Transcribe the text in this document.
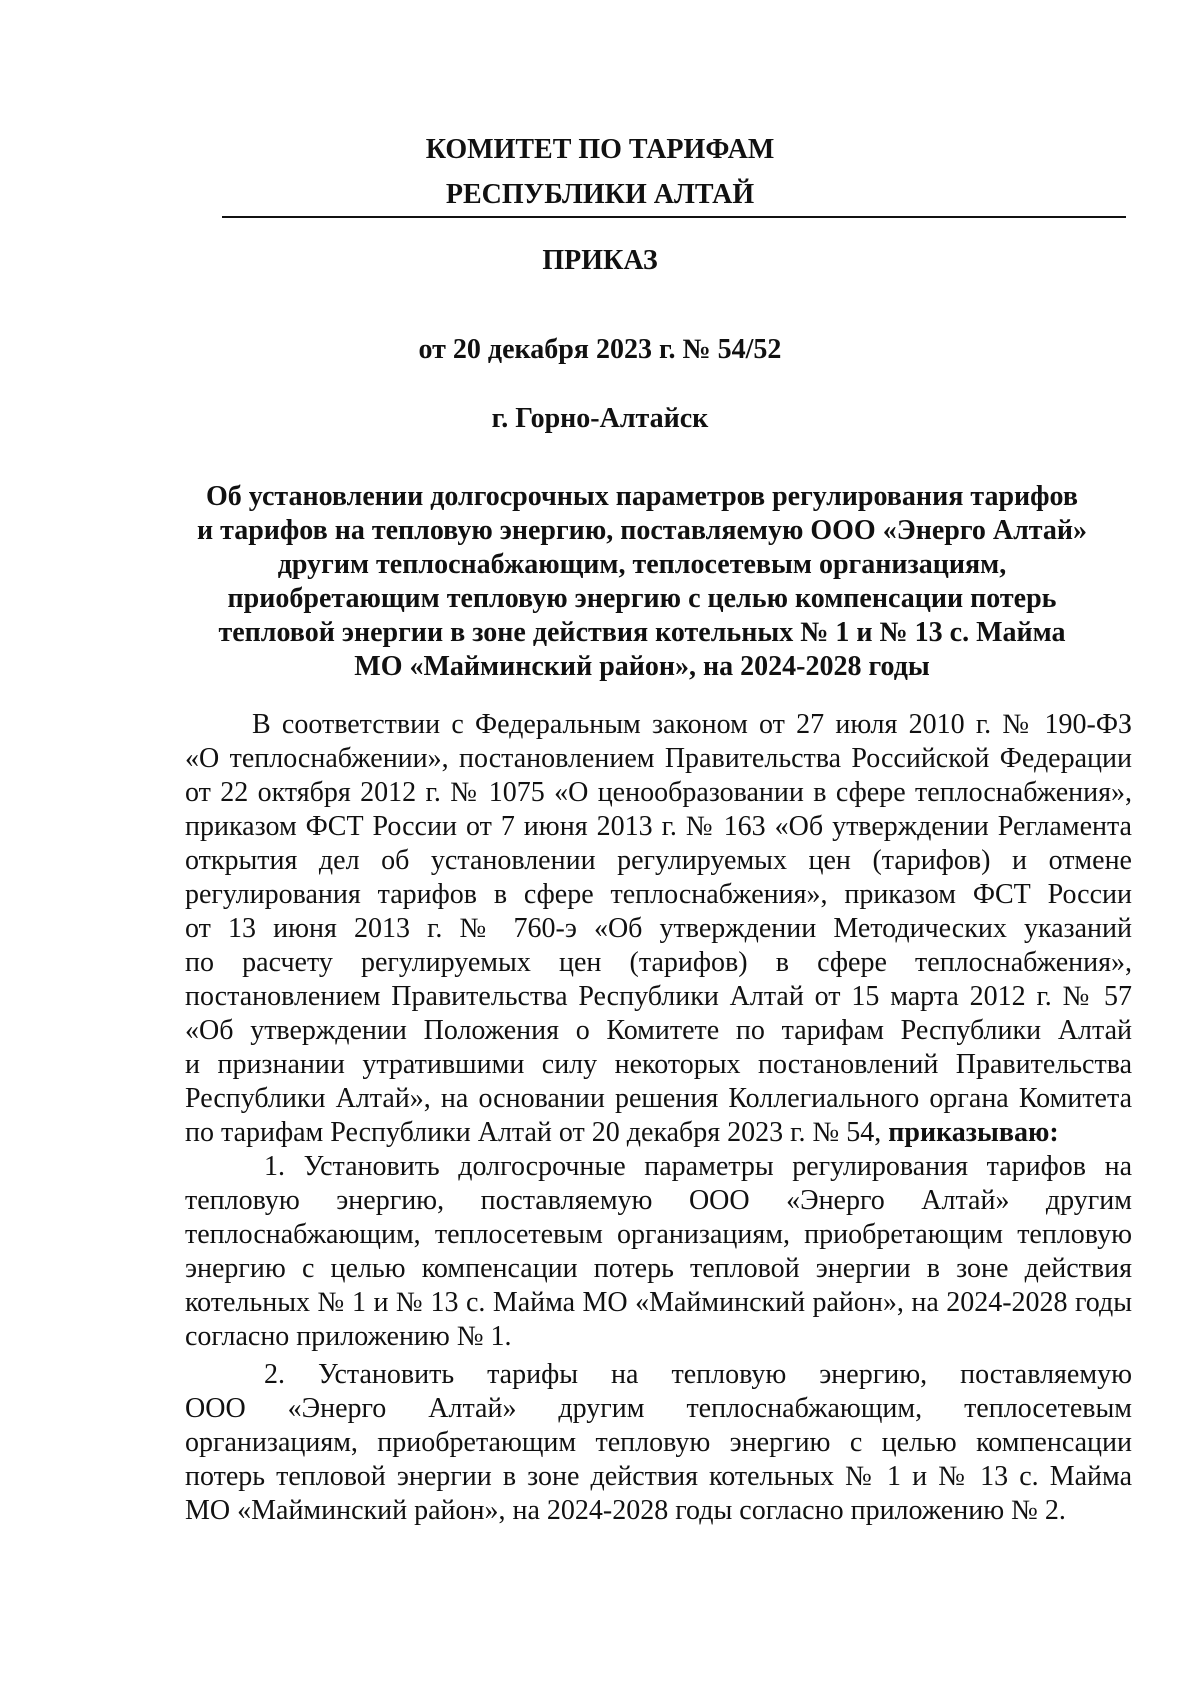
КОМИТЕТ ПО ТАРИФАМ
РЕСПУБЛИКИ АЛТАЙ
ПРИКАЗ
от 20 декабря 2023 г. № 54/52
г. Горно-Алтайск
Об установлении долгосрочных параметров регулирования тарифов
и тарифов на тепловую энергию, поставляемую ООО «Энерго Алтай»
другим теплоснабжающим, теплосетевым организациям,
приобретающим тепловую энергию с целью компенсации потерь
тепловой энергии в зоне действия котельных № 1 и № 13 с. Майма
МО «Майминский район», на 2024-2028 годы
В соответствии с Федеральным законом от 27 июля 2010 г. № 190-ФЗ
«О теплоснабжении», постановлением Правительства Российской Федерации
от 22 октября 2012 г. № 1075 «О ценообразовании в сфере теплоснабжения»,
приказом ФСТ России от 7 июня 2013 г. № 163 «Об утверждении Регламента
открытия дел об установлении регулируемых цен (тарифов) и отмене
регулирования тарифов в сфере теплоснабжения», приказом ФСТ России
от 13 июня 2013 г. № 760-э «Об утверждении Методических указаний
по расчету регулируемых цен (тарифов) в сфере теплоснабжения»,
постановлением Правительства Республики Алтай от 15 марта 2012 г. № 57
«Об утверждении Положения о Комитете по тарифам Республики Алтай
и признании утратившими силу некоторых постановлений Правительства
Республики Алтай», на основании решения Коллегиального органа Комитета
по тарифам Республики Алтай от 20 декабря 2023 г. № 54, приказываю:
1. Установить долгосрочные параметры регулирования тарифов на
тепловую энергию, поставляемую ООО «Энерго Алтай» другим
теплоснабжающим, теплосетевым организациям, приобретающим тепловую
энергию с целью компенсации потерь тепловой энергии в зоне действия
котельных № 1 и № 13 с. Майма МО «Майминский район», на 2024-2028 годы
согласно приложению № 1.
2. Установить тарифы на тепловую энергию, поставляемую
ООО «Энерго Алтай» другим теплоснабжающим, теплосетевым
организациям, приобретающим тепловую энергию с целью компенсации
потерь тепловой энергии в зоне действия котельных № 1 и № 13 с. Майма
МО «Майминский район», на 2024-2028 годы согласно приложению № 2.
